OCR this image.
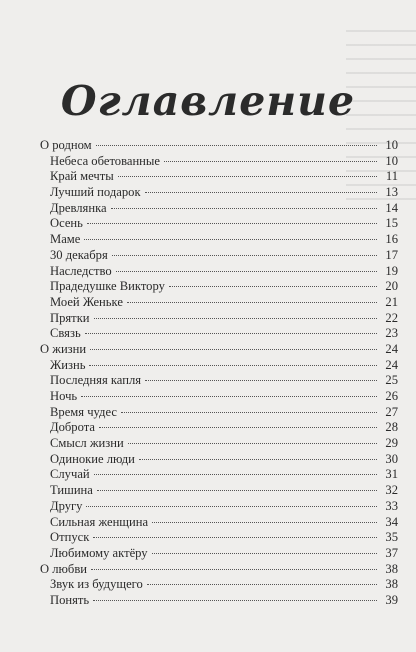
Оглавление
О родном	10
Небеса обетованные	10
Край мечты	11
Лучший подарок	13
Древлянка	14
Осень	15
Маме	16
30 декабря	17
Наследство	19
Прадедушке Виктору	20
Моей Женьке	21
Прятки	22
Связь	23
О жизни	24
Жизнь	24
Последняя капля	25
Ночь	26
Время чудес	27
Доброта	28
Смысл жизни	29
Одинокие люди	30
Случай	31
Тишина	32
Другу	33
Сильная женщина	34
Отпуск	35
Любимому актёру	37
О любви	38
Звук из будущего	38
Понять	39
